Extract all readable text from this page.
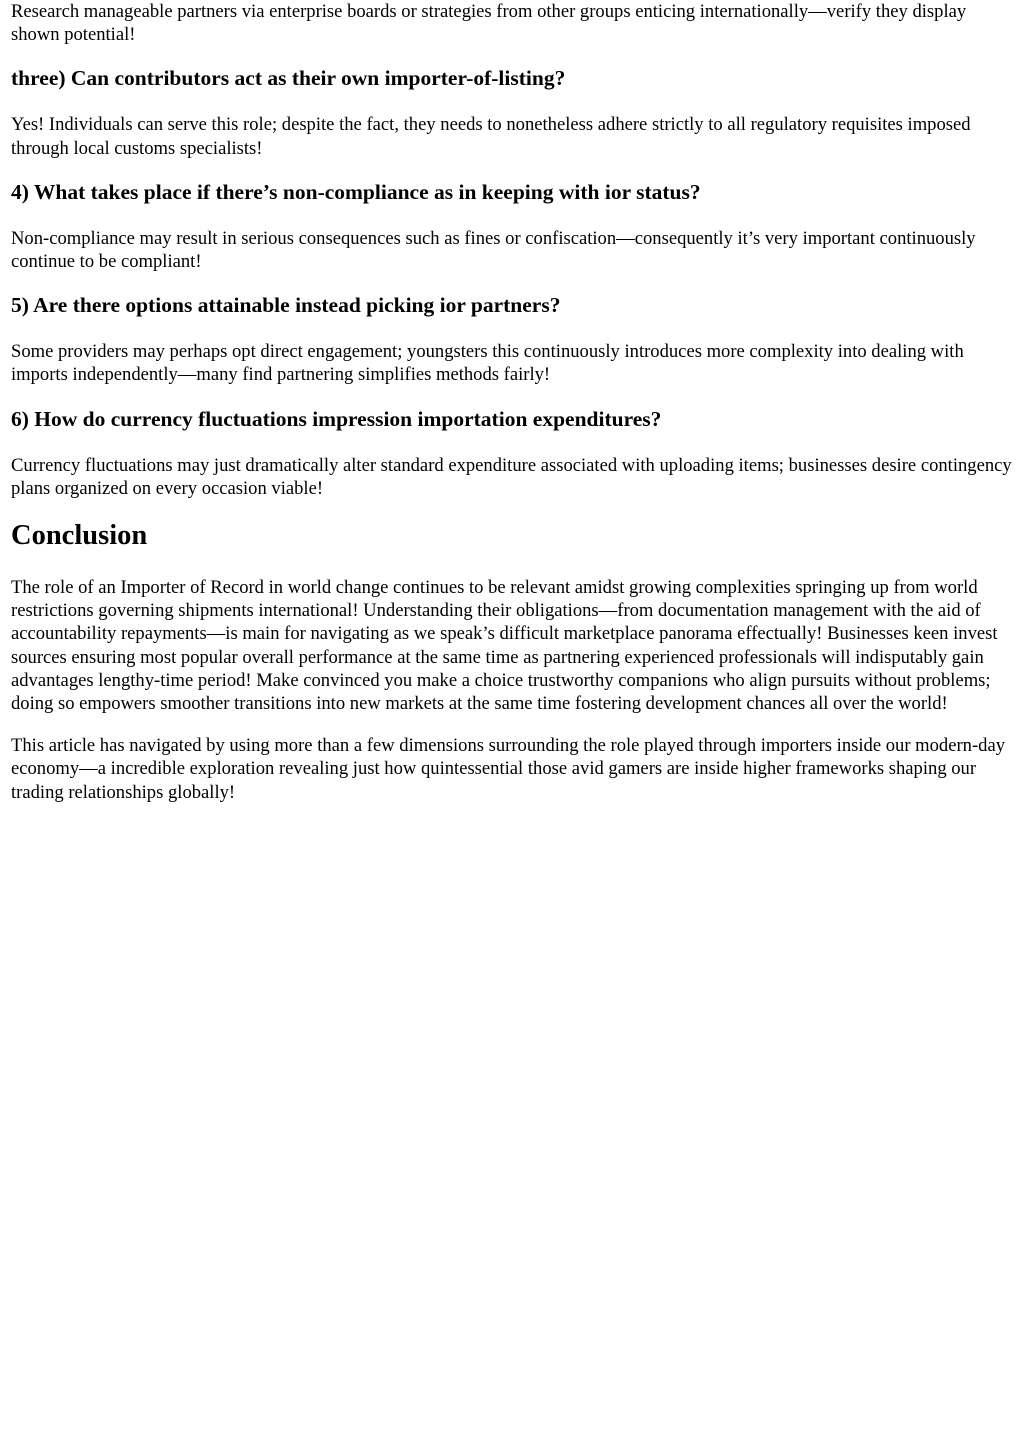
Research manageable partners via enterprise boards or strategies from other groups enticing internationally—verify they display shown potential!

three) Can contributors act as their own importer-of-listing?

Yes! Individuals can serve this role; despite the fact, they needs to nonetheless adhere strictly to all regulatory requisites imposed through local customs specialists!

4) What takes place if there’s non-compliance as in keeping with ior status?

Non-compliance may result in serious consequences such as fines or confiscation—consequently it’s very important continuously continue to be compliant!

5) Are there options attainable instead picking ior partners?

Some providers may perhaps opt direct engagement; youngsters this continuously introduces more complexity into dealing with imports independently—many find partnering simplifies methods fairly!

6) How do currency fluctuations impression importation expenditures?

Currency fluctuations may just dramatically alter standard expenditure associated with uploading items; businesses desire contingency plans organized on every occasion viable!

Conclusion

The role of an Importer of Record in world change continues to be relevant amidst growing complexities springing up from world restrictions governing shipments international! Understanding their obligations—from documentation management with the aid of accountability repayments—is main for navigating as we speak’s difficult marketplace panorama effectually! Businesses keen invest sources ensuring most popular overall performance at the same time as partnering experienced professionals will indisputably gain advantages lengthy-time period! Make convinced you make a choice trustworthy companions who align pursuits without problems; doing so empowers smoother transitions into new markets at the same time fostering development chances all over the world!

This article has navigated by using more than a few dimensions surrounding the role played through importers inside our modern-day economy—a incredible exploration revealing just how quintessential those avid gamers are inside higher frameworks shaping our trading relationships globally!
